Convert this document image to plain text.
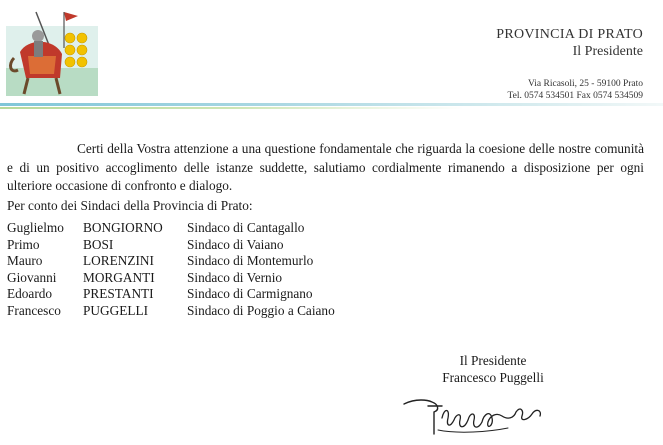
PROVINCIA DI PRATO
Il Presidente
Via Ricasoli, 25 - 59100 Prato
Tel. 0574 534501 Fax 0574 534509
Certi della Vostra attenzione a una questione fondamentale che riguarda la coesione delle nostre comunità e di un positivo accoglimento delle istanze suddette, salutiamo cordialmente rimanendo a disposizione per ogni ulteriore occasione di confronto e dialogo.
Per conto dei Sindaci della Provincia di Prato:
Guglielmo	BONGIORNO	Sindaco di Cantagallo
Primo	BOSI	Sindaco di Vaiano
Mauro	LORENZINI	Sindaco di Montemurlo
Giovanni	MORGANTI	Sindaco di Vernio
Edoardo	PRESTANTI	Sindaco di Carmignano
Francesco	PUGGELLI	Sindaco di Poggio a Caiano
Il Presidente
Francesco Puggelli
